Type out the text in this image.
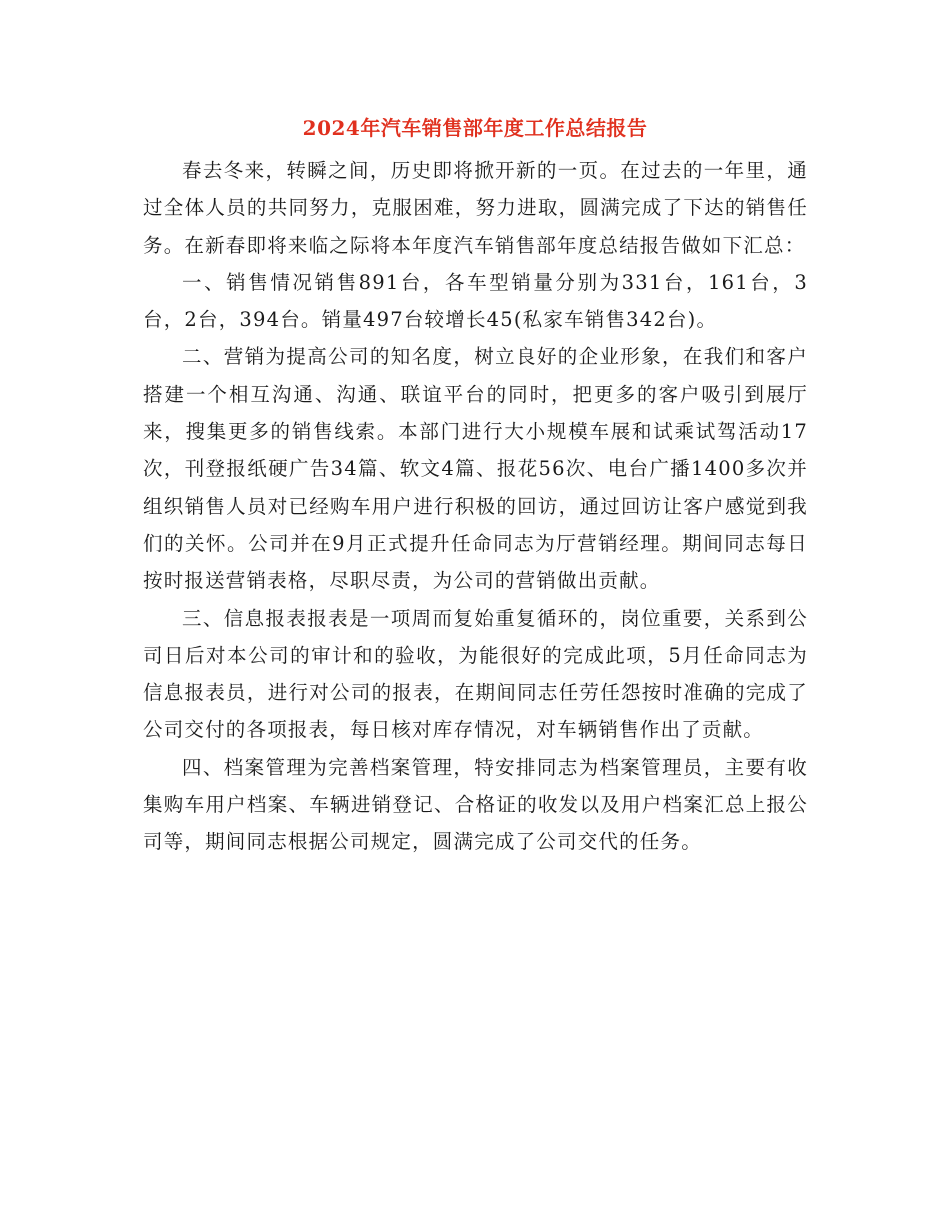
2024年汽车销售部年度工作总结报告

春去冬来，转瞬之间，历史即将掀开新的一页。在过去的一年里，通过全体人员的共同努力，克服困难，努力进取，圆满完成了下达的销售任务。在新春即将来临之际将本年度汽车销售部年度总结报告做如下汇总：

一、销售情况销售891台，各车型销量分别为331台，161台，3台，2台，394台。销量497台较增长45(私家车销售342台)。

二、营销为提高公司的知名度，树立良好的企业形象，在我们和客户搭建一个相互沟通、沟通、联谊平台的同时，把更多的客户吸引到展厅来，搜集更多的销售线索。本部门进行大小规模车展和试乘试驾活动17次，刊登报纸硬广告34篇、软文4篇、报花56次、电台广播1400多次并组织销售人员对已经购车用户进行积极的回访，通过回访让客户感觉到我们的关怀。公司并在9月正式提升任命同志为厅营销经理。期间同志每日按时报送营销表格，尽职尽责，为公司的营销做出贡献。

三、信息报表报表是一项周而复始重复循环的，岗位重要，关系到公司日后对本公司的审计和的验收，为能很好的完成此项，5月任命同志为信息报表员，进行对公司的报表，在期间同志任劳任怨按时准确的完成了公司交付的各项报表，每日核对库存情况，对车辆销售作出了贡献。

四、档案管理为完善档案管理，特安排同志为档案管理员，主要有收集购车用户档案、车辆进销登记、合格证的收发以及用户档案汇总上报公司等，期间同志根据公司规定，圆满完成了公司交代的任务。
